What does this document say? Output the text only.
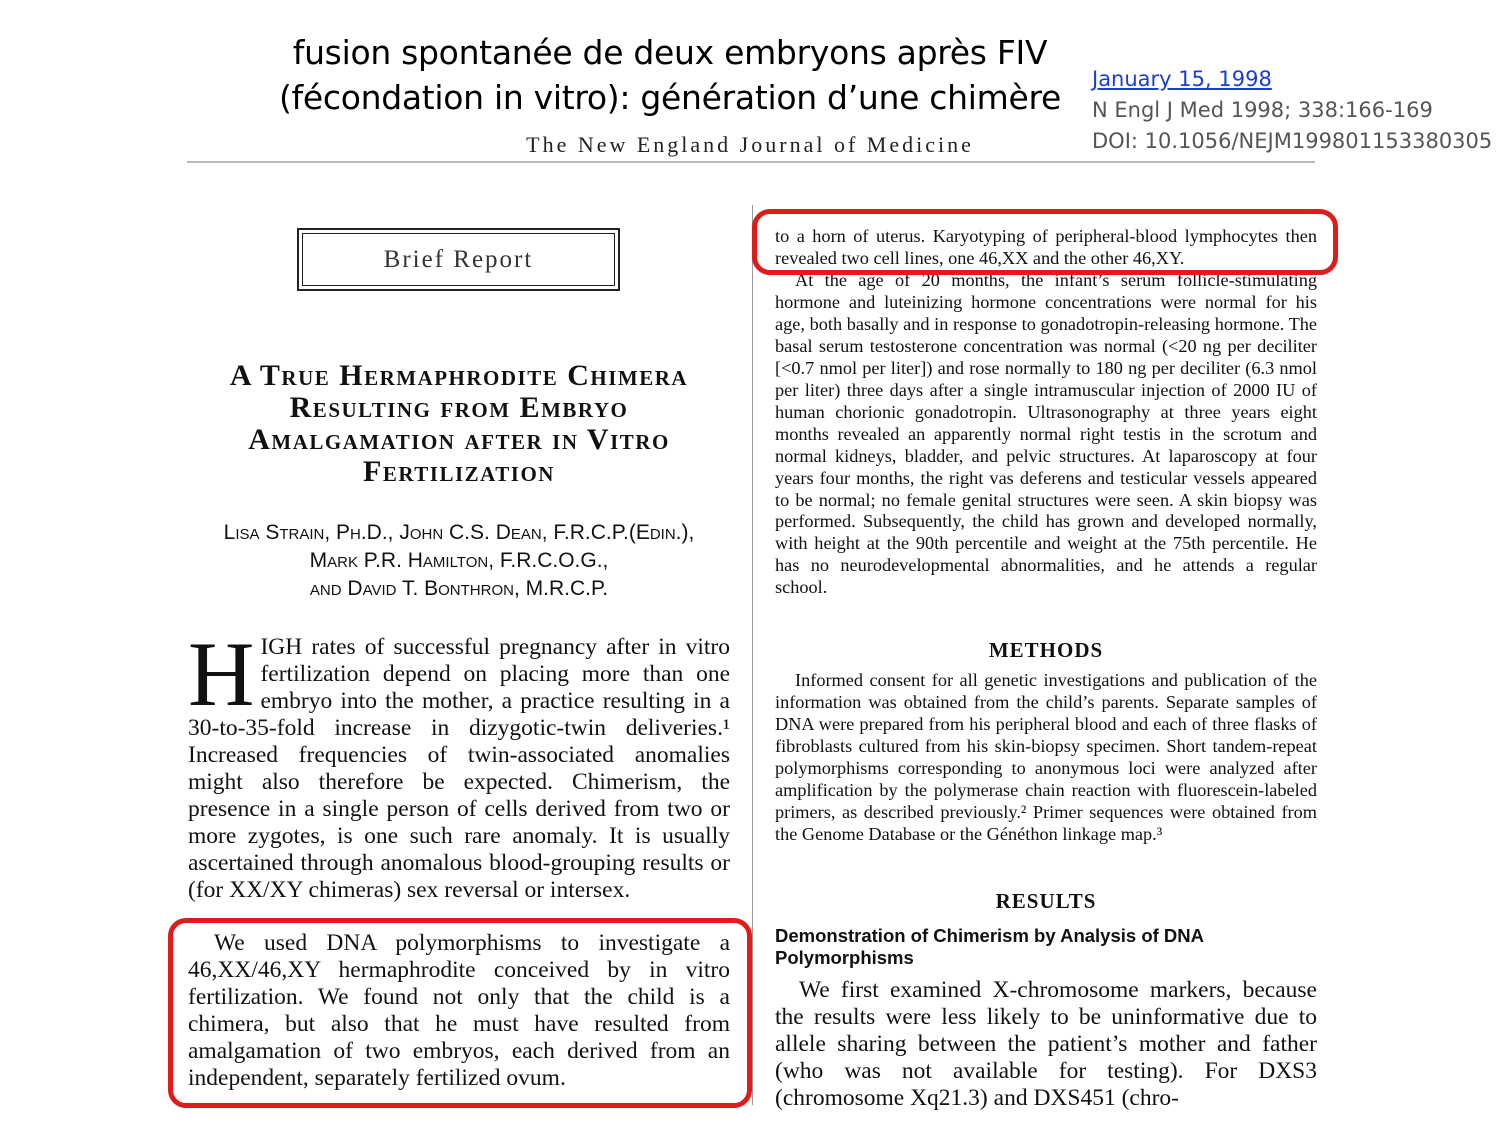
fusion spontanée de deux embryons après FIV
(fécondation in vitro): génération d’une chimère	January 15, 1998
N Engl J Med 1998; 338:166-169
DOI: 10.1056/NEJM199801153380305
The New England Journal of Medicine
Brief Report
A True Hermaphrodite Chimera
Resulting from Embryo
Amalgamation after in Vitro
Fertilization
Lisa Strain, Ph.D., John C.S. Dean, F.R.C.P.(Edin.),
Mark P.R. Hamilton, F.R.C.O.G.,
and David T. Bonthron, M.R.C.P.
H IGH rates of successful pregnancy after in vitro fertilization depend on placing more than one embryo into the mother, a practice resulting in a 30-to-35-fold increase in dizygotic-twin deliveries.¹ Increased frequencies of twin-associated anomalies might also therefore be expected. Chimerism, the presence in a single person of cells derived from two or more zygotes, is one such rare anomaly. It is usually ascertained through anomalous blood-grouping results or (for XX/XY chimeras) sex reversal or intersex.
We used DNA polymorphisms to investigate a 46,XX/46,XY hermaphrodite conceived by in vitro fertilization. We found not only that the child is a chimera, but also that he must have resulted from amalgamation of two embryos, each derived from an independent, separately fertilized ovum.
to a horn of uterus. Karyotyping of peripheral-blood lymphocytes then revealed two cell lines, one 46,XX and the other 46,XY.

At the age of 20 months, the infant’s serum follicle-stimulating hormone and luteinizing hormone concentrations were normal for his age, both basally and in response to gonadotropin-releasing hormone. The basal serum testosterone concentration was normal (<20 ng per deciliter [<0.7 nmol per liter]) and rose normally to 180 ng per deciliter (6.3 nmol per liter) three days after a single intramuscular injection of 2000 IU of human chorionic gonadotropin. Ultrasonography at three years eight months revealed an apparently normal right testis in the scrotum and normal kidneys, bladder, and pelvic structures. At laparoscopy at four years four months, the right vas deferens and testicular vessels appeared to be normal; no female genital structures were seen. A skin biopsy was performed. Subsequently, the child has grown and developed normally, with height at the 90th percentile and weight at the 75th percentile. He has no neurodevelopmental abnormalities, and he attends a regular school.

METHODS
Informed consent for all genetic investigations and publication of the information was obtained from the child’s parents. Separate samples of DNA were prepared from his peripheral blood and each of three flasks of fibroblasts cultured from his skin-biopsy specimen. Short tandem-repeat polymorphisms corresponding to anonymous loci were analyzed after amplification by the polymerase chain reaction with fluorescein-labeled primers, as described previously.² Primer sequences were obtained from the Genome Database or the Généthon linkage map.³
RESULTS
Demonstration of Chimerism by Analysis of DNA Polymorphisms

We first examined X-chromosome markers, because the results were less likely to be uninformative due to allele sharing between the patient’s mother and father (who was not available for testing). For DXS3 (chromosome Xq21.3) and DXS451 (chro-
